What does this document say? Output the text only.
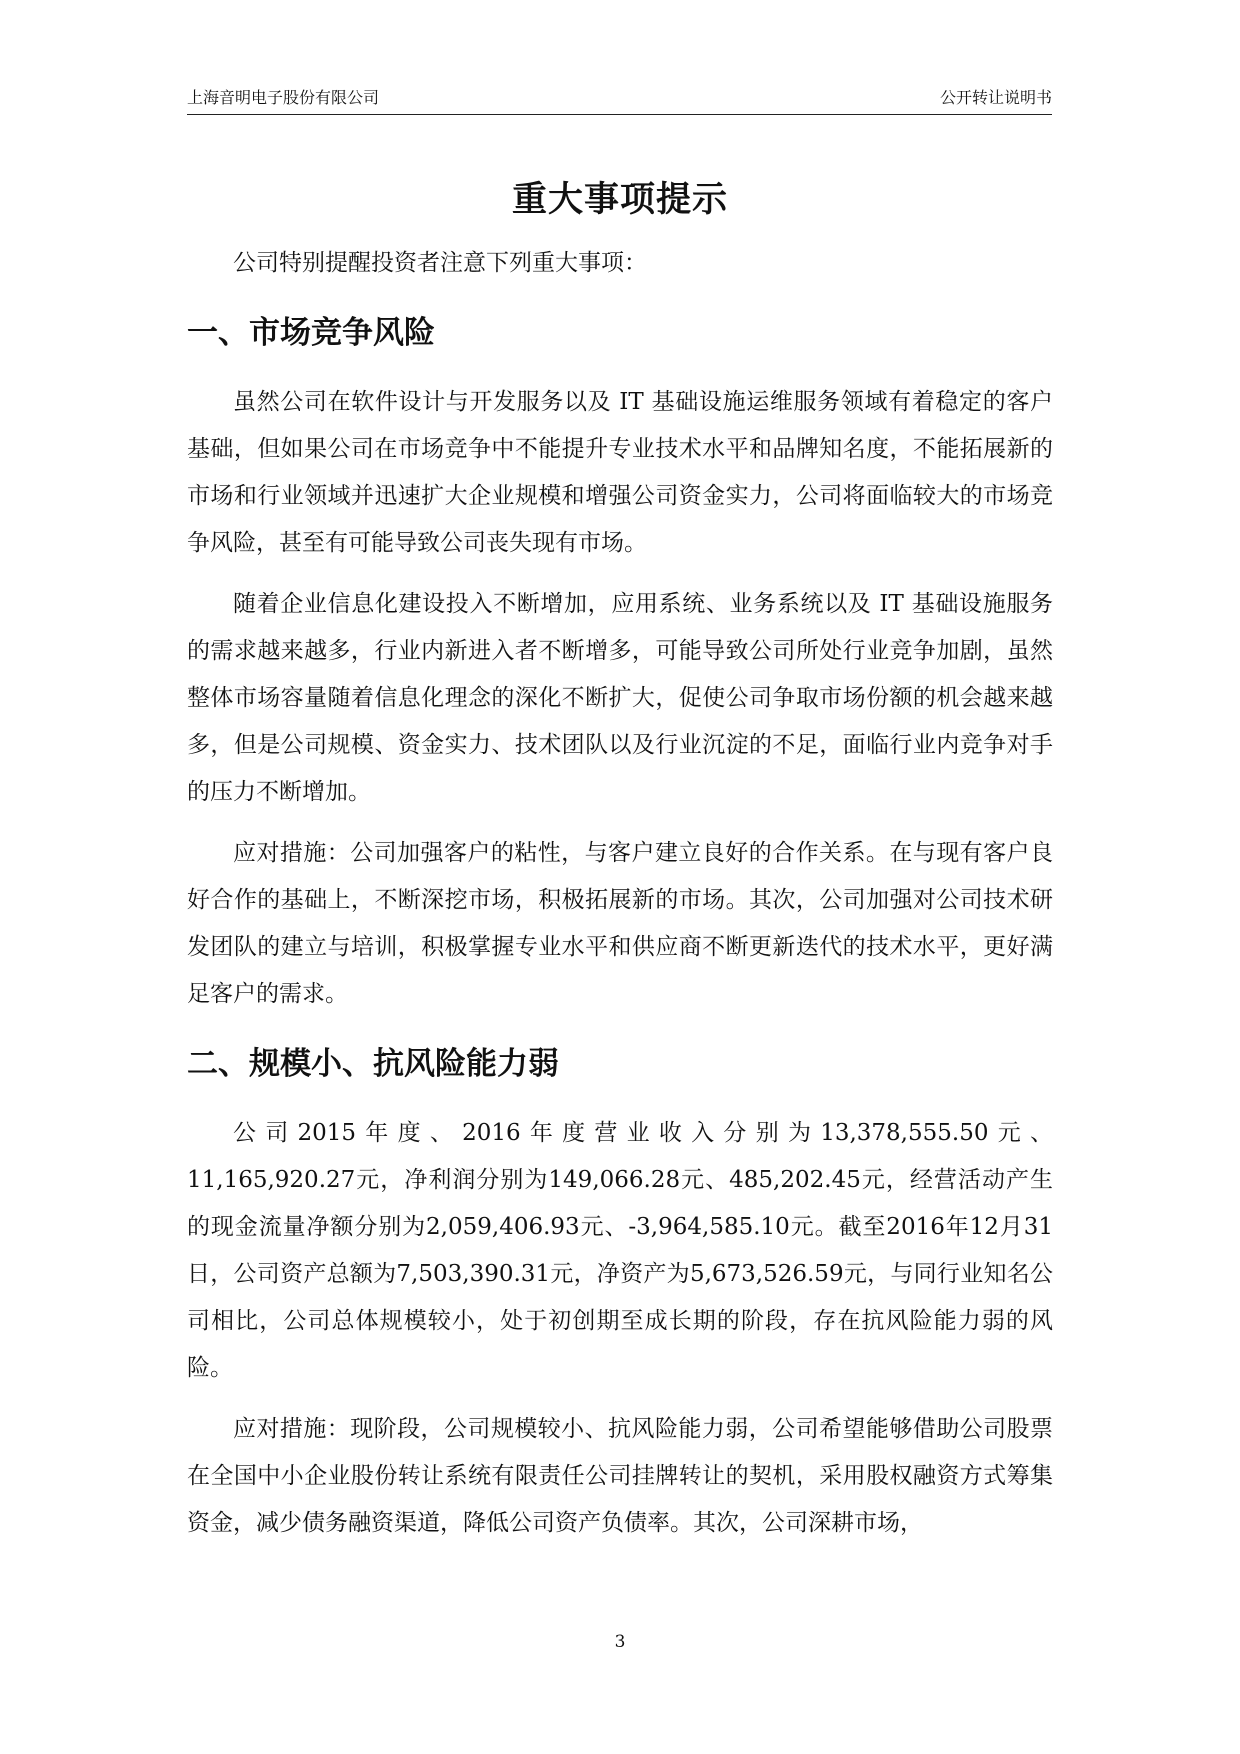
上海音明电子股份有限公司	公开转让说明书
重大事项提示

公司特别提醒投资者注意下列重大事项：

一、市场竞争风险

虽然公司在软件设计与开发服务以及 IT 基础设施运维服务领域有着稳定的客户基础，但如果公司在市场竞争中不能提升专业技术水平和品牌知名度，不能拓展新的市场和行业领域并迅速扩大企业规模和增强公司资金实力，公司将面临较大的市场竞争风险，甚至有可能导致公司丧失现有市场。

随着企业信息化建设投入不断增加，应用系统、业务系统以及 IT 基础设施服务的需求越来越多，行业内新进入者不断增多，可能导致公司所处行业竞争加剧，虽然整体市场容量随着信息化理念的深化不断扩大，促使公司争取市场份额的机会越来越多，但是公司规模、资金实力、技术团队以及行业沉淀的不足，面临行业内竞争对手的压力不断增加。

应对措施：公司加强客户的粘性，与客户建立良好的合作关系。在与现有客户良好合作的基础上，不断深挖市场，积极拓展新的市场。其次，公司加强对公司技术研发团队的建立与培训，积极掌握专业水平和供应商不断更新迭代的技术水平，更好满足客户的需求。

二、规模小、抗风险能力弱

公司2015年度、2016年度营业收入分别为13,378,555.50元、11,165,920.27元，净利润分别为149,066.28元、485,202.45元，经营活动产生的现金流量净额分别为2,059,406.93元、-3,964,585.10元。截至2016年12月31日，公司资产总额为7,503,390.31元，净资产为5,673,526.59元，与同行业知名公司相比，公司总体规模较小，处于初创期至成长期的阶段，存在抗风险能力弱的风险。

应对措施：现阶段，公司规模较小、抗风险能力弱，公司希望能够借助公司股票在全国中小企业股份转让系统有限责任公司挂牌转让的契机，采用股权融资方式筹集资金，减少债务融资渠道，降低公司资产负债率。其次，公司深耕市场，

3
